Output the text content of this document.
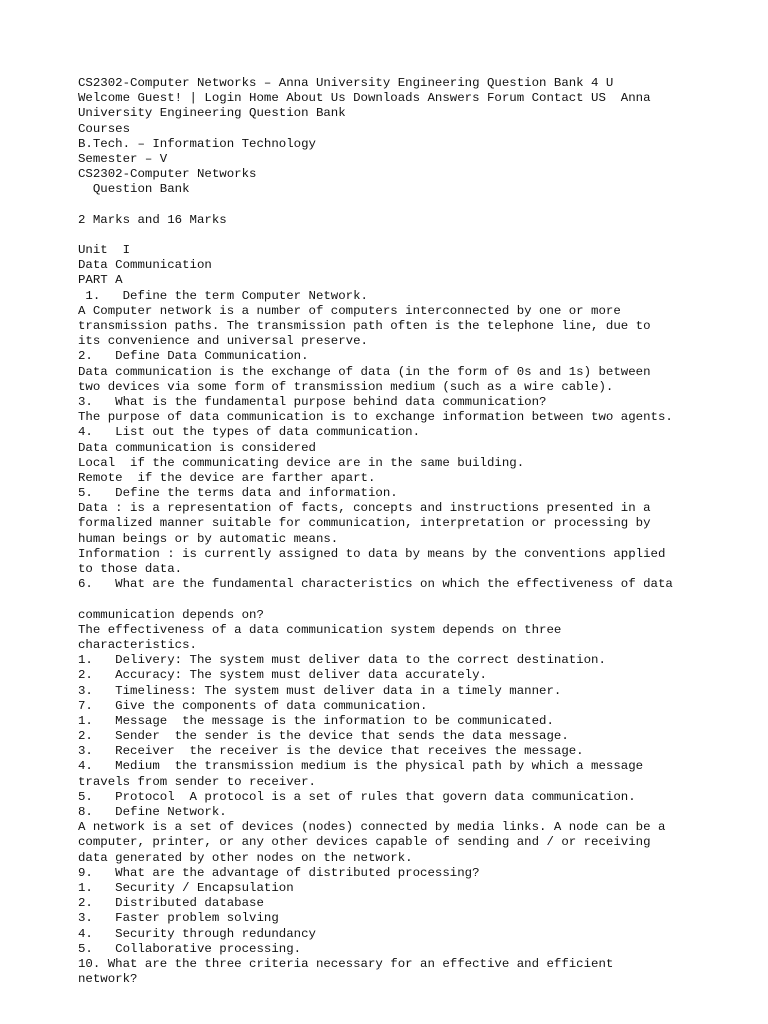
CS2302-Computer Networks – Anna University Engineering Question Bank 4 U
Welcome Guest! | Login Home About Us Downloads Answers Forum Contact US  Anna
University Engineering Question Bank
Courses
B.Tech. – Information Technology
Semester – V
CS2302-Computer Networks
Question Bank
2 Marks and 16 Marks
Unit  I
Data Communication
PART A
1.   Define the term Computer Network.
A Computer network is a number of computers interconnected by one or more
transmission paths. The transmission path often is the telephone line, due to
its convenience and universal preserve.
2.   Define Data Communication.
Data communication is the exchange of data (in the form of 0s and 1s) between
two devices via some form of transmission medium (such as a wire cable).
3.   What is the fundamental purpose behind data communication?
The purpose of data communication is to exchange information between two agents.
4.   List out the types of data communication.
Data communication is considered
Local  if the communicating device are in the same building.
Remote  if the device are farther apart.
5.   Define the terms data and information.
Data : is a representation of facts, concepts and instructions presented in a
formalized manner suitable for communication, interpretation or processing by
human beings or by automatic means.
Information : is currently assigned to data by means by the conventions applied
to those data.
6.   What are the fundamental characteristics on which the effectiveness of data
communication depends on?
The effectiveness of a data communication system depends on three
characteristics.
1.   Delivery: The system must deliver data to the correct destination.
2.   Accuracy: The system must deliver data accurately.
3.   Timeliness: The system must deliver data in a timely manner.
7.   Give the components of data communication.
1.   Message  the message is the information to be communicated.
2.   Sender  the sender is the device that sends the data message.
3.   Receiver  the receiver is the device that receives the message.
4.   Medium  the transmission medium is the physical path by which a message
travels from sender to receiver.
5.   Protocol  A protocol is a set of rules that govern data communication.
8.   Define Network.
A network is a set of devices (nodes) connected by media links. A node can be a
computer, printer, or any other devices capable of sending and / or receiving
data generated by other nodes on the network.
9.   What are the advantage of distributed processing?
1.   Security / Encapsulation
2.   Distributed database
3.   Faster problem solving
4.   Security through redundancy
5.   Collaborative processing.
10. What are the three criteria necessary for an effective and efficient
network?
